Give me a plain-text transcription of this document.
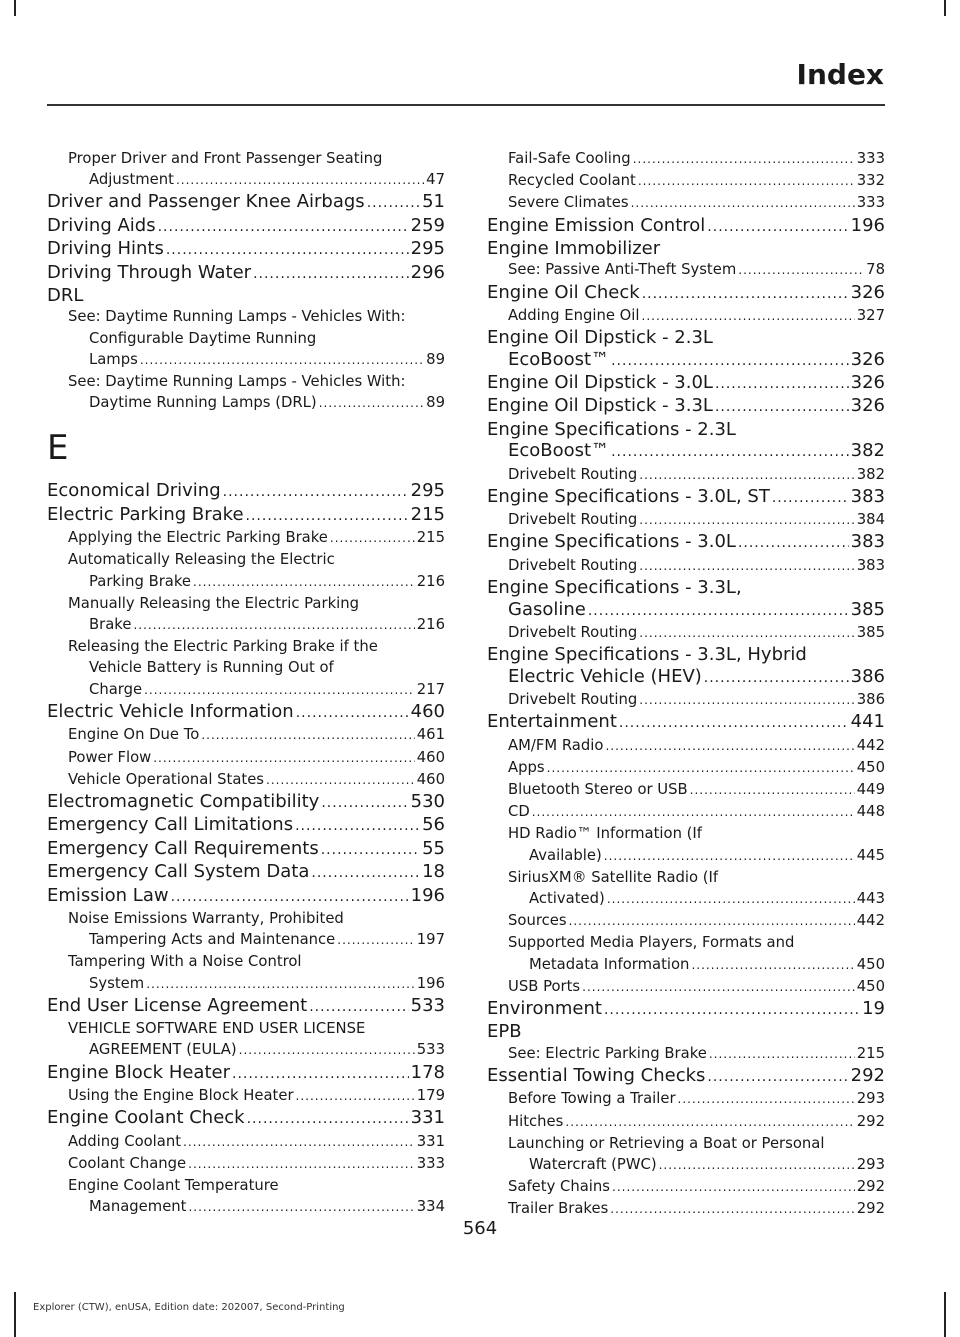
Index
Proper Driver and Front Passenger Seating
Adjustment .....	47
Driver and Passenger Knee Airbags .....	51
Driving Aids .....	259
Driving Hints .....	295
Driving Through Water .....	296
DRL
See: Daytime Running Lamps - Vehicles With:
Configurable Daytime Running
Lamps .....	89
See: Daytime Running Lamps - Vehicles With:
Daytime Running Lamps (DRL) .....	89
E
Economical Driving .....	295
Electric Parking Brake .....	215
Applying the Electric Parking Brake .....	215
Automatically Releasing the Electric
Parking Brake .....	216
Manually Releasing the Electric Parking
Brake .....	216
Releasing the Electric Parking Brake if the
Vehicle Battery is Running Out of
Charge .....	217
Electric Vehicle Information .....	460
Engine On Due To .....	461
Power Flow .....	460
Vehicle Operational States .....	460
Electromagnetic Compatibility .....	530
Emergency Call Limitations .....	56
Emergency Call Requirements .....	55
Emergency Call System Data .....	18
Emission Law .....	196
Noise Emissions Warranty, Prohibited
Tampering Acts and Maintenance .....	197
Tampering With a Noise Control
System .....	196
End User License Agreement .....	533
VEHICLE SOFTWARE END USER LICENSE
AGREEMENT (EULA) .....	533
Engine Block Heater .....	178
Using the Engine Block Heater .....	179
Engine Coolant Check .....	331
Adding Coolant .....	331
Coolant Change .....	333
Engine Coolant Temperature
Management .....	334
Fail-Safe Cooling .....	333
Recycled Coolant .....	332
Severe Climates .....	333
Engine Emission Control .....	196
Engine Immobilizer
See: Passive Anti-Theft System .....	78
Engine Oil Check .....	326
Adding Engine Oil .....	327
Engine Oil Dipstick - 2.3L
EcoBoost™ .....	326
Engine Oil Dipstick - 3.0L .....	326
Engine Oil Dipstick - 3.3L .....	326
Engine Specifications - 2.3L
EcoBoost™ .....	382
Drivebelt Routing .....	382
Engine Specifications - 3.0L, ST .....	383
Drivebelt Routing .....	384
Engine Specifications - 3.0L .....	383
Drivebelt Routing .....	383
Engine Specifications - 3.3L,
Gasoline .....	385
Drivebelt Routing .....	385
Engine Specifications - 3.3L, Hybrid
Electric Vehicle (HEV) .....	386
Drivebelt Routing .....	386
Entertainment .....	441
AM/FM Radio .....	442
Apps .....	450
Bluetooth Stereo or USB .....	449
CD .....	448
HD Radio™ Information (If
Available) .....	445
SiriusXM® Satellite Radio (If
Activated) .....	443
Sources .....	442
Supported Media Players, Formats and
Metadata Information .....	450
USB Ports .....	450
Environment .....	19
EPB
See: Electric Parking Brake .....	215
Essential Towing Checks .....	292
Before Towing a Trailer .....	293
Hitches .....	292
Launching or Retrieving a Boat or Personal
Watercraft (PWC) .....	293
Safety Chains .....	292
Trailer Brakes .....	292
564
Explorer (CTW), enUSA, Edition date: 202007, Second-Printing
